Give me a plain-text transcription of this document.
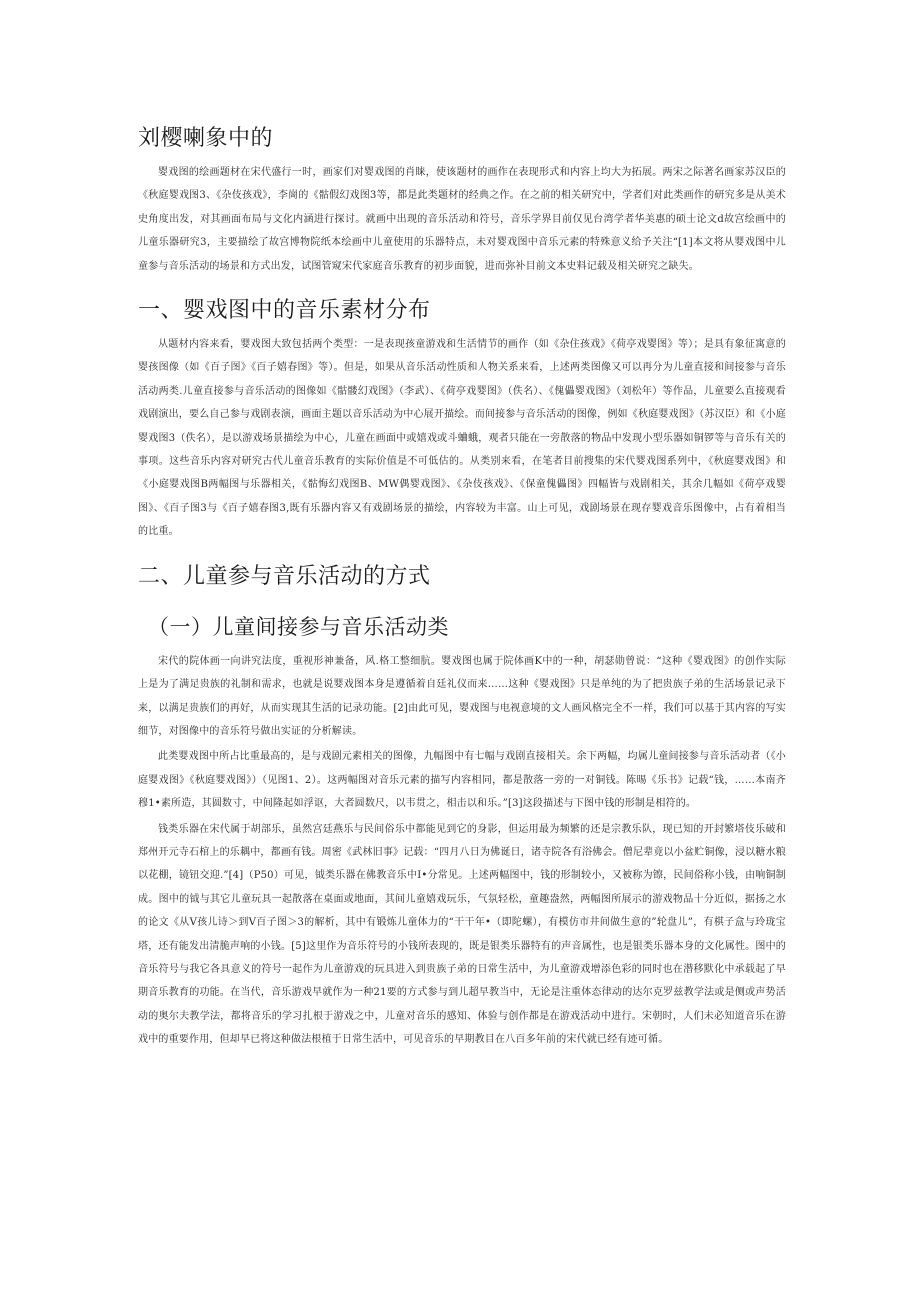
刘樱喇象中的

婴戏图的绘画题材在宋代盛行一时，画家们对婴戏图的肖睐，使该题材的画作在表现形式和内容上均大为拓展。两宋之际著名画家苏汉臣的《秋庭婴戏图3、《杂伎孩戏》，李崗的《骷假幻戏图3等，都是此类题材的经典之作。在之前的相关研究中，学者们对此类画作的研究多是从美术史角度出发，对其画面布局与文化内涵进行探讨。就画中出现的音乐活动和符号，音乐学界目前仅见台湾学者华美惠的硕士论文d故宫绘画中的儿童乐器研究3，主要描绘了故宫博物院纸本绘画中儿童使用的乐器特点，未对婴戏图中音乐元素的特殊意义给予关注“[1]本文将从婴戏图中儿童参与音乐活动的场景和方式出发，试图管窥宋代家庭音乐教育的初步面貌，进而弥补目前文本史料记载及相关研究之缺失。

一、婴戏图中的音乐素材分布

从题材内容来看，婴戏图大致包括两个类型：一是表现孩童游戏和生活情节的画作（如《杂住孩戏》《荷亭戏婴图》等）；是具有象征寓意的婴孩图像（如《百子图》《百子嬉春图》等）。但是，如果从音乐活动性质和人物关系来看，上述两类图像又可以再分为儿童直接和间接参与音乐活动两类.儿童直接参与音乐活动的图像如《骷髅幻戏图》（李武）、《荷亭戏婴图》（佚名）、《傀儡婴戏图》（刘松年）等作品，儿童要么直接观看戏剧演出，要么自己参与戏剧表演，画面主题以音乐活动为中心展开描绘。而间接参与音乐活动的图像，例如《秋庭婴戏图》（苏汉臣）和《小庭婴戏图3（佚名），是以游戏场景描绘为中心，儿童在画面中或嬉戏或斗蛐蛾，观者只能在一旁散落的物品中发现小型乐器如铜锣等与音乐有关的事项。这些音乐内容对研究古代儿童音乐教育的实际价值是不可低估的。从类别来看，在笔者目前搜集的宋代婴戏图系列中，《秋庭婴戏图》和《小庭婴戏图B两幅图与乐器相关，《骷悔幻戏图B、MW偶婴戏图》、《杂伎孩戏》、《保童傀儡图》四幅皆与戏剧相关，其余几幅如《荷亭戏婴图》、《百子图3与《百子嬉春图3,既有乐器内容又有戏剧场景的描绘，内容较为丰富。山上可见，戏剧场景在现存婴戏音乐图像中，占有着相当的比重。

二、儿童参与音乐活动的方式
（一）儿童间接参与音乐活动类

宋代的院体画一向讲究法度，重视形神兼备，风.格工整细肮。婴戏图也属于院体画K中的一种，胡瑟勋曾说：“这种《婴戏图》的创作实际上是为了满足贵族的礼制和需求，也就是说婴戏图本身是遵循着自廷礼仪而来……这种《婴戏图》只是单纯的为了把贵族子弟的生活场景记录下来，以满足贵族们的再好，从而实现其生活的记录功能。[2]由此可见，婴戏图与电视意境的文人画风格完全不一样，我们可以基于其内容的写实细节，对图像中的音乐符号做出实证的分析解读。

此类婴戏图中所占比重最高的，是与戏剧元素相关的图像，九幅图中有七幅与戏剧直接相关。余下两幅，均属儿童间接参与音乐活动者（《小庭婴戏图》《秋庭婴戏图》）（见图1、2）。这两幅图对音乐元素的描写内容相同，都是散落一旁的一对铜钱。陈晹《乐书》记载“钱，……本南齐穆1•素所造，其圆数寸，中间隆起如浮讴，大者圆数尺，以韦贯之，相击以和乐。”[3]这段描述与下图中钱的形制是相符的。

钱类乐器在宋代属于胡部乐，虽然宫廷燕乐与民间俗乐中都能见到它的身影，但运用最为频繁的还是宗教乐队，现已知的开封繁塔伎乐破和郑州开元寺石棺上的乐耦中，都画有钱。周密《武林旧事》记载：“四月八日为佛诞日，诸寺院各有浴佛会。僧尼辈竟以小盆贮铜像，浸以糖水粮以花棚，镜钮交迎.”[4]（P50）可见，钺类乐器在佛教音乐中I•分常见。上述两幅图中，钱的形制较小，又被称为镲，民间俗称小钱，由响铜制成。图中的钺与其它儿童玩具一起散落在桌面或地面，其间儿童嬉戏玩乐，气氛轻松，童趣盎然，两幅图所展示的游戏物品十分近似，据扬之水的论文《从V孩儿诗＞到V百子图＞3的解析，其中有锻炼儿童体力的“干干年•（即陀螺），有模仿市井间做生意的”轮盘儿”，有棋子盒与玲珑宝塔，还有能发出清脆声响的小钱。[5]这里作为音乐符号的小钱所表现的，既是银类乐器特有的声音属性，也是银类乐器本身的文化属性。图中的音乐符号与我它各具意义的符号一起作为儿童游戏的玩具进入到贵族子弟的日常生活中，为儿童游戏增添色彩的同时也在潜移默化中承载起了早期音乐教育的功能。在当代，音乐游戏早就作为一种21要的方式参与到儿超早教当中，无论是注重体态律动的达尔克罗兹教学法或是侧或声势活动的奥尔夫教学法，都将音乐的学习扎根于游戏之中，儿童对音乐的感知、体验与创作都是在游戏活动中进行。宋朝时，人们未必知道音乐在游戏中的重要作用，但却早已将这种做法根植于日常生活中，可见音乐的早期教目在八百多年前的宋代就已经有迹可循。
